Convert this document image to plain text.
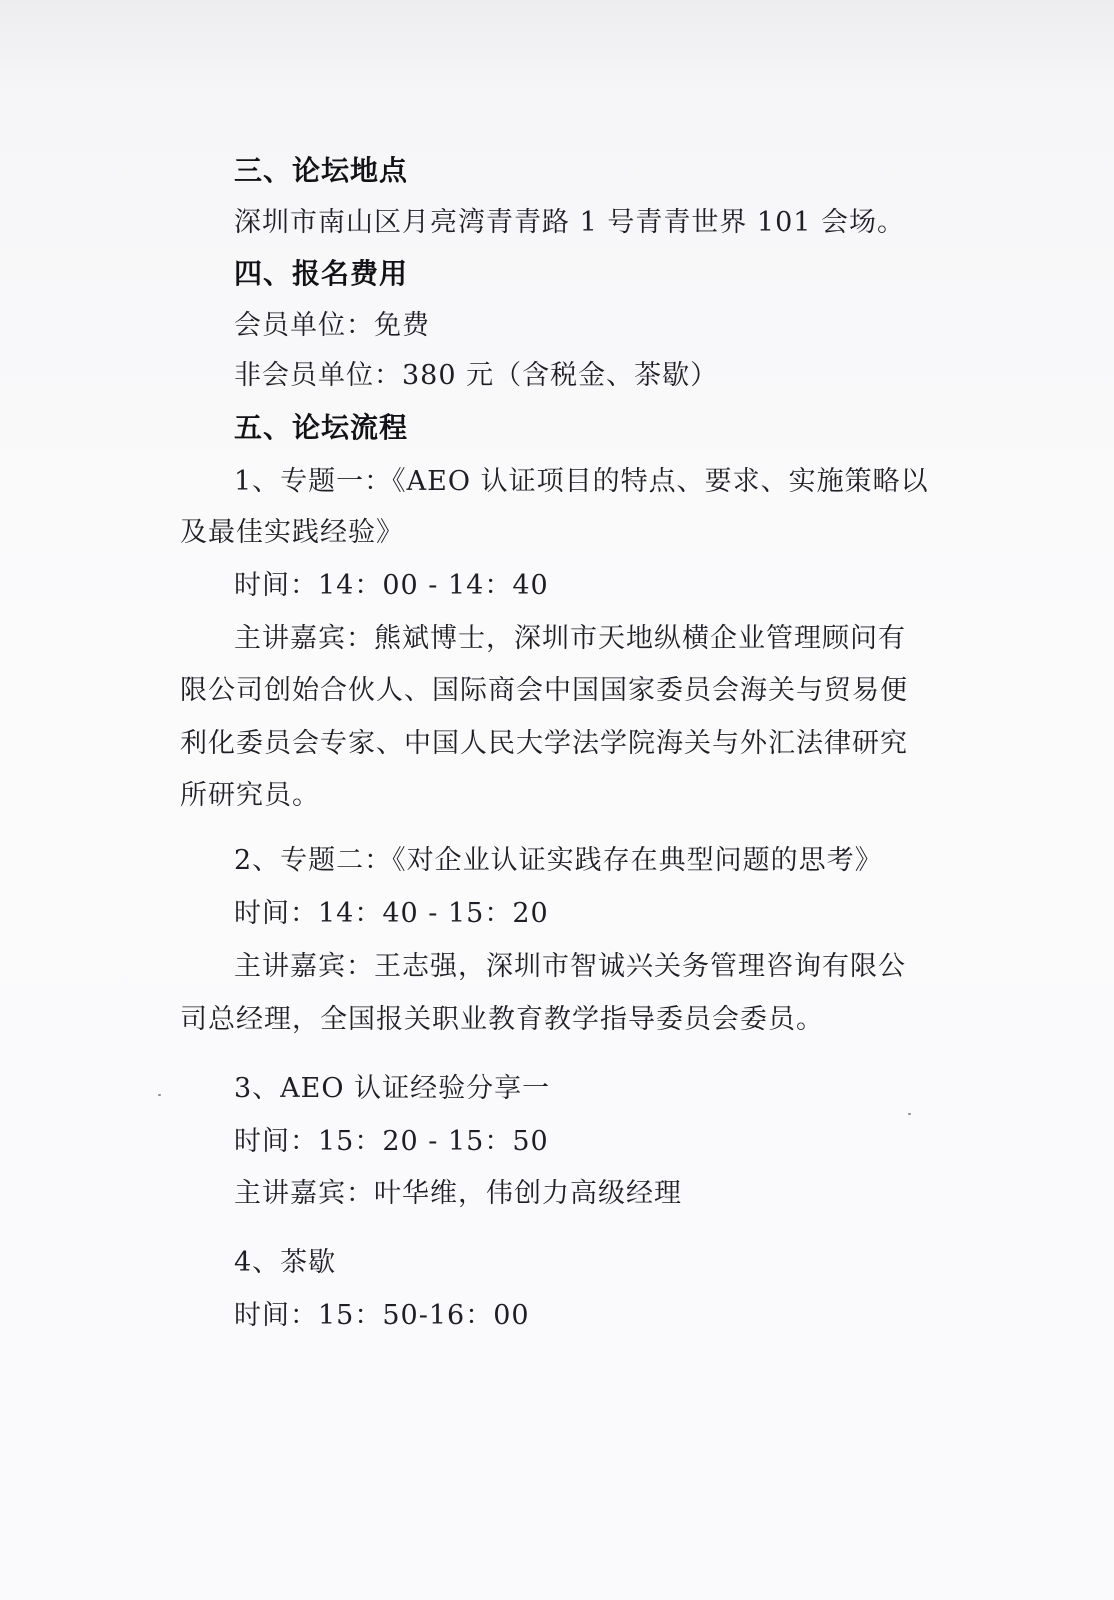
三、论坛地点
深圳市南山区月亮湾青青路 1 号青青世界 101 会场。
四、报名费用
会员单位：免费
非会员单位：380 元（含税金、茶歇）
五、论坛流程
1、专题一：《AEO 认证项目的特点、要求、实施策略以
及最佳实践经验》
时间：14：00 - 14：40
主讲嘉宾：熊斌博士，深圳市天地纵横企业管理顾问有
限公司创始合伙人、国际商会中国国家委员会海关与贸易便
利化委员会专家、中国人民大学法学院海关与外汇法律研究
所研究员。
2、专题二：《对企业认证实践存在典型问题的思考》
时间：14：40 - 15：20
主讲嘉宾：王志强，深圳市智诚兴关务管理咨询有限公
司总经理，全国报关职业教育教学指导委员会委员。
3、AEO 认证经验分享一
时间：15：20 - 15：50
主讲嘉宾：叶华维，伟创力高级经理
4、茶歇
时间：15：50-16：00
